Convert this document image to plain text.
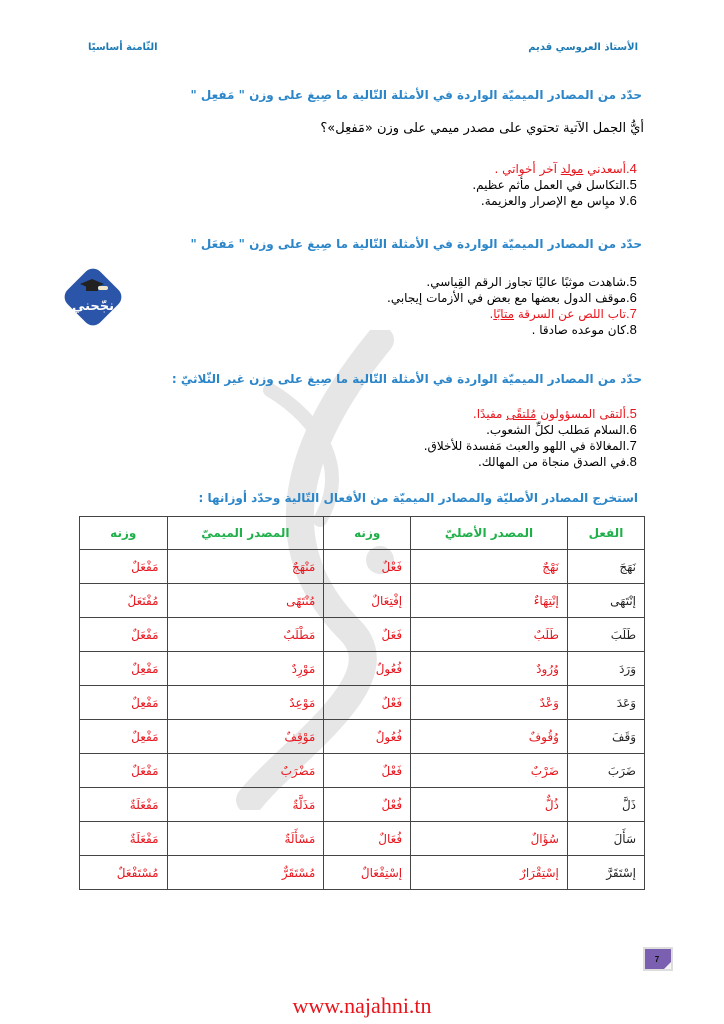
الأستاذ العروسي قديم
الثّامنة أساسيًا
حدّد من المصادر الميميّة الواردة في الأمثلة التّالية ما صِيغ على وزن " مَفعِل "
أيُّ الجمل الآتية تحتوي على مصدر ميمي على وزن «مَفعِل»؟
4.أسعدني مولد آخر أخواتي .
5.التكاسل في العمل مأثم عظيم.
6.لا ميِاس مع الإصرار والعزيمة.
حدّد من المصادر الميميّة الواردة في الأمثلة التّالية ما صِيغ على وزن " مَفعَل "
5.شاهدت موثبًا عاليًا تجاوز الرقم القِياسي.
6.موقف الدول بعضها مع بعض في الأزمات إيجابي.
7.تاب اللص عن السرقة متابًا.
8.كان موعده صادقا .
نجّحني
حدّد من المصادر الميميّة الواردة في الأمثلة التّالية ما صِيغ على وزن غير الثّلاثيّ :
5.ألتقى المسؤولون مُلتقًى مفيدًا.
6.السلام مَطلب لكلِّ الشعوب.
7.المغالاة في اللهو والعبث مَفسدة للأخلاق.
8.في الصدق منجاة من المهالك.
استخرج المصادر الأصليّة والمصادر الميميّة من الأفعال التّالية وحدّد أوزانها :
الفعل	المصدر الأصليّ	وزنه	المصدر الميميّ	وزنه
نَهَجَ	نَهْجٌ	فَعْلٌ	مَنْهَجٌ	مَفْعَلٌ
إنْتَهَى	إنْتِهَاءٌ	إفْتِعَالٌ	مُنْتَهًى	مُفْتَعَلٌ
طَلَبَ	طَلَبٌ	فَعَلٌ	مَطْلَبٌ	مَفْعَلٌ
وَرَدَ	وُرُودٌ	فُعُولٌ	مَوْرِدٌ	مَفْعِلٌ
وَعَدَ	وَعْدٌ	فَعْلٌ	مَوْعِدٌ	مَفْعِلٌ
وَقَفَ	وُقُوفٌ	فُعُولٌ	مَوْقِفٌ	مَفْعِلٌ
ضَرَبَ	ضَرْبٌ	فَعْلٌ	مَضْرَبٌ	مَفْعَلٌ
ذَلَّ	ذُلٌّ	فُعْلٌ	مَذَلَّةٌ	مَفْعَلَةٌ
سَأَلَ	سُؤَالٌ	فُعَالٌ	مَسْأَلَةٌ	مَفْعَلَةٌ
إسْتَقَرَّ	إسْتِقْرَارٌ	إسْتِفْعَالٌ	مُسْتَقَرٌّ	مُسْتَفْعَلٌ
7
www.najahni.tn
